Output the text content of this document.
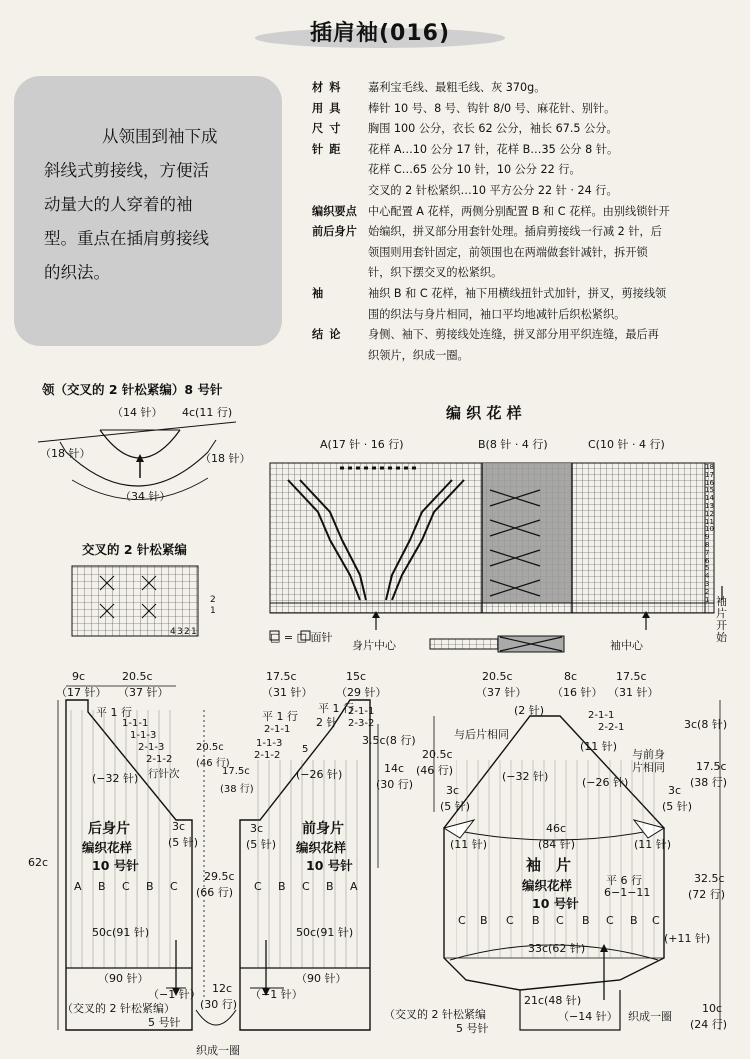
插肩袖(016)
从领围到袖下成
斜线式剪接线，方便活
动量大的人穿着的袖
型。重点在插肩剪接线
的织法。
材料	嘉利宝毛线、最粗毛线、灰 370g。
用具	棒针 10 号、8 号、钩针 8/0 号、麻花针、别针。
尺寸	胸围 100 公分，衣长 62 公分，袖长 67.5 公分。
针距	花样 A…10 公分 17 针，花样 B…35 公分 8 针。
花样 C…65 公分 10 针，10 公分 22 行。
交叉的 2 针松紧织…10 平方公分 22 针 · 24 行。
编织要点	中心配置 A 花样，两侧分别配置 B 和 C 花样。由别线锁针开
前后身片	始编织，拼叉部分用套针处理。插肩剪接线一行减 2 针，后
领围则用套针固定，前领围也在两端做套针减针，拆开锁
针，织下摆交叉的松紧织。
袖	袖织 B 和 C 花样，袖下用横线扭针式加针，拼叉，剪接线领
围的织法与身片相同，袖口平均地减针后织松紧织。
结论	身侧、袖下、剪接线处连缝，拼叉部分用平织连缝，最后再
织领片，织成一圈。
领（交叉的 2 针松紧编）8 号针
（14 针） 4c(11 行)
（18 针）	（18 针）
（34 针）
交叉的 2 针松紧编
2
1
4 3 2 1
编 织 花 样
A(17 针 · 16 行)	B(8 针 · 4 行)	C(10 针 · 4 行)
18
17
16
15
14
13
12
11
10
9
8
7
6
5
4
3
2
1 袖片开始
□ = □ 面针
身片中心	袖中心
9c
（17 针）
20.5c
（37 针）
平 1 行
1-1-1
1-1-3
2-1-3
2-1-2
行针次
(−32 针)
20.5c
(46 行)
后身片
编织花样
10 号针
3c
(5 针)
62c
A B C B C
50c(91 针)
（90 针）
（−1 针）
（交叉的 2 针松紧编）
5 号针
17.5c
(38 行)
29.5c
(66 行)
12c
(30 行)
织成一圈
17.5c
（31 针）
15c
（29 针）
平 1 行
平 1 行
2 针
2-1-1
1-1-3
2-1-2
5
2-1-1
2-3-2
3.5c(8 行)
(−26 针)
3c
(5 针)
前身片
编织花样
10 号针
C B C B A
14c
(30 行)
50c(91 针)
（90 针）
（−1 针）
20.5c
（37 针）
8c
（16 针）
17.5c
（31 针）
(2 针)
与后片相同
与前身片相同
2-1-1
2-2-1
(11 针)
(−32 针)	(−26 针)
20.5c
(46 行)
3c
(5 针)
3c
(5 针)
3c(8 针)
17.5c
(38 行)
46c
(84 针)
(11 针)	(11 针)
袖　片
编织花样
10 号针
平 6 行
6−1−11
C B C B C B C B C
(+11 针)
32.5c
(72 行)
33c(62 针)
21c(48 针)
（−14 针） 织成一圈
（交叉的 2 针松紧编
5 号针
10c
(24 行)
